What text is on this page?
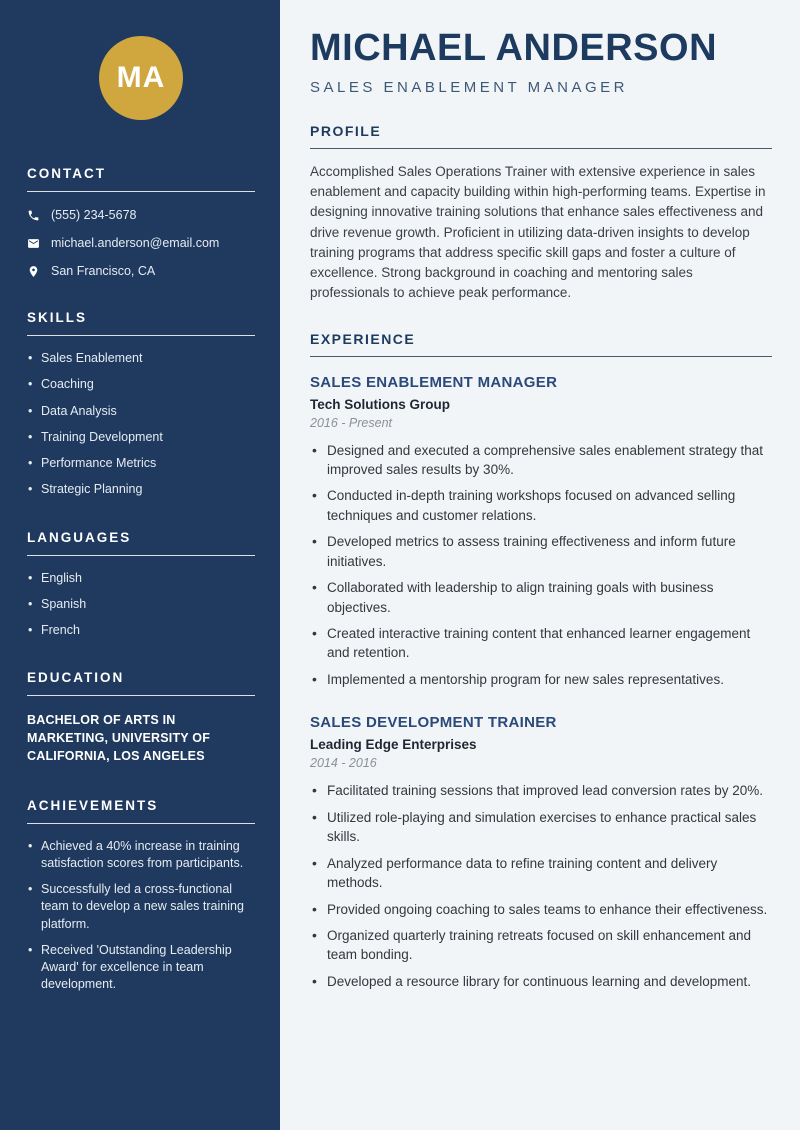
MA
CONTACT
(555) 234-5678
michael.anderson@email.com
San Francisco, CA
SKILLS
• Sales Enablement
• Coaching
• Data Analysis
• Training Development
• Performance Metrics
• Strategic Planning
LANGUAGES
• English
• Spanish
• French
EDUCATION

BACHELOR OF ARTS IN MARKETING, UNIVERSITY OF CALIFORNIA, LOS ANGELES

ACHIEVEMENTS
• Achieved a 40% increase in training satisfaction scores from participants.
• Successfully led a cross-functional team to develop a new sales training platform.
• Received 'Outstanding Leadership Award' for excellence in team development.
MICHAEL ANDERSON
SALES ENABLEMENT MANAGER
PROFILE

Accomplished Sales Operations Trainer with extensive experience in sales enablement and capacity building within high-performing teams. Expertise in designing innovative training solutions that enhance sales effectiveness and drive revenue growth. Proficient in utilizing data-driven insights to develop training programs that address specific skill gaps and foster a culture of excellence. Strong background in coaching and mentoring sales professionals to achieve peak performance.

EXPERIENCE
SALES ENABLEMENT MANAGER
Tech Solutions Group
2016 - Present
• Designed and executed a comprehensive sales enablement strategy that improved sales results by 30%.
• Conducted in-depth training workshops focused on advanced selling techniques and customer relations.
• Developed metrics to assess training effectiveness and inform future initiatives.
• Collaborated with leadership to align training goals with business objectives.
• Created interactive training content that enhanced learner engagement and retention.
• Implemented a mentorship program for new sales representatives.
SALES DEVELOPMENT TRAINER
Leading Edge Enterprises
2014 - 2016
• Facilitated training sessions that improved lead conversion rates by 20%.
• Utilized role-playing and simulation exercises to enhance practical sales skills.
• Analyzed performance data to refine training content and delivery methods.
• Provided ongoing coaching to sales teams to enhance their effectiveness.
• Organized quarterly training retreats focused on skill enhancement and team bonding.
• Developed a resource library for continuous learning and development.
